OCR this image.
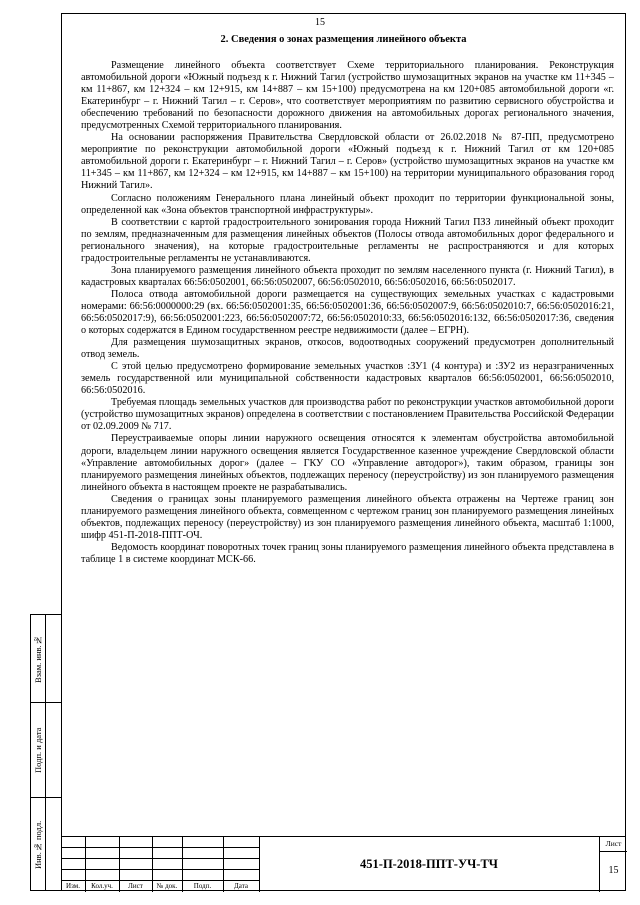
15
2. Сведения о зонах размещения линейного объекта

Размещение линейного объекта соответствует Схеме территориального планирования. Реконструкция автомобильной дороги «Южный подъезд к г. Нижний Тагил (устройство шумозащитных экранов на участке км 11+345 – км 11+867, км 12+324 – км 12+915, км 14+887 – км 15+100) предусмотрена на км 120+085 автомобильной дороги «г. Екатеринбург – г. Нижний Тагил – г. Серов», что соответствует мероприятиям по развитию сервисного обустройства и обеспечению требований по безопасности дорожного движения на автомобильных дорогах регионального значения, предусмотренных Схемой территориального планирования.

На основании распоряжения Правительства Свердловской области от 26.02.2018 № 87-ПП, предусмотрено мероприятие по реконструкции автомобильной дороги «Южный подъезд к г. Нижний Тагил от км 120+085 автомобильной дороги г. Екатеринбург – г. Нижний Тагил – г. Серов» (устройство шумозащитных экранов на участке км 11+345 – км 11+867, км 12+324 – км 12+915, км 14+887 – км 15+100) на территории муниципального образования город Нижний Тагил».

Согласно положениям Генерального плана линейный объект проходит по территории функциональной зоны, определенной как «Зона объектов транспортной инфраструктуры».

В соответствии с картой градостроительного зонирования города Нижний Тагил ПЗЗ линейный объект проходит по землям, предназначенным для размещения линейных объектов (Полосы отвода автомобильных дорог федерального и регионального значения), на которые градостроительные регламенты не распространяются и для которых градостроительные регламенты не устанавливаются.

Зона планируемого размещения линейного объекта проходит по землям населенного пункта (г. Нижний Тагил), в кадастровых кварталах 66:56:0502001, 66:56:0502007, 66:56:0502010, 66:56:0502016, 66:56:0502017.

Полоса отвода автомобильной дороги размещается на существующих земельных участках с кадастровыми номерами: 66:56:0000000:29 (вх. 66:56:0502001:35, 66:56:0502001:36, 66:56:0502007:9, 66:56:0502010:7, 66:56:0502016:21, 66:56:0502017:9), 66:56:0502001:223, 66:56:0502007:72, 66:56:0502010:33, 66:56:0502016:132, 66:56:0502017:36, сведения о которых содержатся в Едином государственном реестре недвижимости (далее – ЕГРН).

Для размещения шумозащитных экранов, откосов, водоотводных сооружений предусмотрен дополнительный отвод земель.

С этой целью предусмотрено формирование земельных участков :ЗУ1 (4 контура) и :ЗУ2 из неразграниченных земель государственной или муниципальной собственности кадастровых кварталов 66:56:0502001, 66:56:0502010, 66:56:0502016.

Требуемая площадь земельных участков для производства работ по реконструкции участков автомобильной дороги (устройство шумозащитных экранов) определена в соответствии с постановлением Правительства Российской Федерации от 02.09.2009 № 717.

Переустраиваемые опоры линии наружного освещения относятся к элементам обустройства автомобильной дороги, владельцем линии наружного освещения является Государственное казенное учреждение Свердловской области «Управление автомобильных дорог» (далее – ГКУ СО «Управление автодорог»), таким образом, границы зон планируемого размещения линейных объектов, подлежащих переносу (переустройству) из зон планируемого размещения линейного объекта в настоящем проекте не разрабатывались.

Сведения о границах зоны планируемого размещения линейного объекта отражены на Чертеже границ зон планируемого размещения линейного объекта, совмещенном с чертежом границ зон планируемого размещения линейных объектов, подлежащих переносу (переустройству) из зон планируемого размещения линейного объекта, масштаб 1:1000, шифр 451-П-2018-ППТ-ОЧ.

Ведомость координат поворотных точек границ зоны планируемого размещения линейного объекта представлена в таблице 1 в системе координат МСК-66.

Взам. инв.№
Подп. и дата
Инв.№ подл.
Изм.	Кол.уч.	Лист	№ док.	Подп.	Дата
451-П-2018-ППТ-УЧ-ТЧ
Лист
15
